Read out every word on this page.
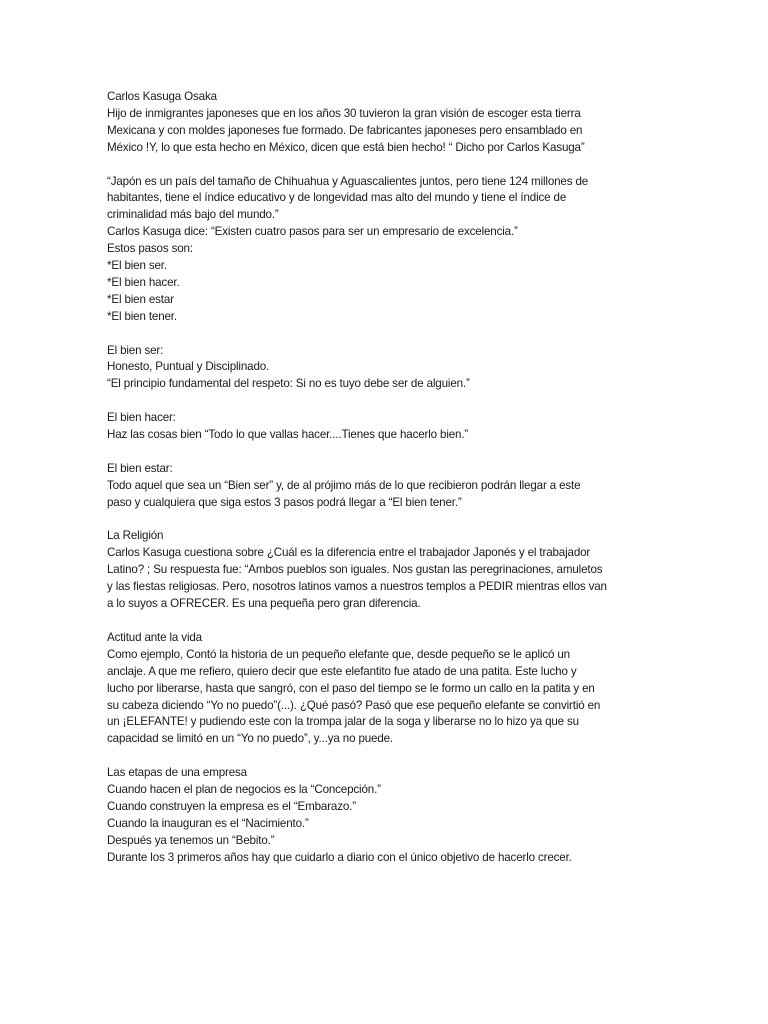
Carlos Kasuga Osaka

Hijo de inmigrantes japoneses que en los años 30 tuvieron la gran visión de escoger esta tierra

Mexicana y con moldes japoneses fue formado. De fabricantes japoneses pero ensamblado en

México !Y, lo que esta hecho en México, dicen que está bien hecho! “ Dicho por Carlos Kasuga”

“Japón es un país del tamaño de Chihuahua y Aguascalientes juntos, pero tiene 124 millones de

habitantes, tiene el índice educativo y de longevidad mas alto del mundo y tiene el índice de

criminalidad más bajo del mundo.”

Carlos Kasuga dice: “Existen cuatro pasos para ser un empresario de excelencia.”

Estos pasos son:

*El bien ser.

*El bien hacer.

*El bien estar

*El bien tener.

El bien ser:

Honesto, Puntual y Disciplinado.

“El principio fundamental del respeto: Si no es tuyo debe ser de alguien.”

El bien hacer:

Haz las cosas bien “Todo lo que vallas hacer....Tienes que hacerlo bien.”

El bien estar:

Todo aquel que sea un “Bien ser” y, de al prójimo más de lo que recibieron podrán llegar a este

paso y cualquiera que siga estos 3 pasos podrá llegar a “El bien tener.”

La Religión

Carlos Kasuga cuestiona sobre ¿Cuál es la diferencia entre el trabajador Japonés y el trabajador

Latino? ; Su respuesta fue: “Ambos pueblos son iguales. Nos gustan las peregrinaciones, amuletos

y las fiestas religiosas. Pero, nosotros latinos vamos a nuestros templos a PEDIR mientras ellos van

a lo suyos a OFRECER. Es una pequeña pero gran diferencia.

Actitud ante la vida

Como ejemplo, Contó la historia de un pequeño elefante que, desde pequeño se le aplicó un

anclaje. A que me refiero, quiero decir que este elefantito fue atado de una patita. Este lucho y

lucho por liberarse, hasta que sangró, con el paso del tiempo se le formo un callo en la patita y en

su cabeza diciendo “Yo no puedo”(...). ¿Qué pasó? Pasó que ese pequeño elefante se convirtió en

un ¡ELEFANTE! y pudiendo este con la trompa jalar de la soga y liberarse no lo hizo ya que su

capacidad se limitó en un “Yo no puedo”, y...ya no puede.

Las etapas de una empresa

Cuando hacen el plan de negocios es la “Concepción.”

Cuando construyen la empresa es el “Embarazo.”

Cuando la inauguran es el “Nacimiento.”

Después ya tenemos un “Bebito.”

Durante los 3 primeros años hay que cuidarlo a diario con el único objetivo de hacerlo crecer.
